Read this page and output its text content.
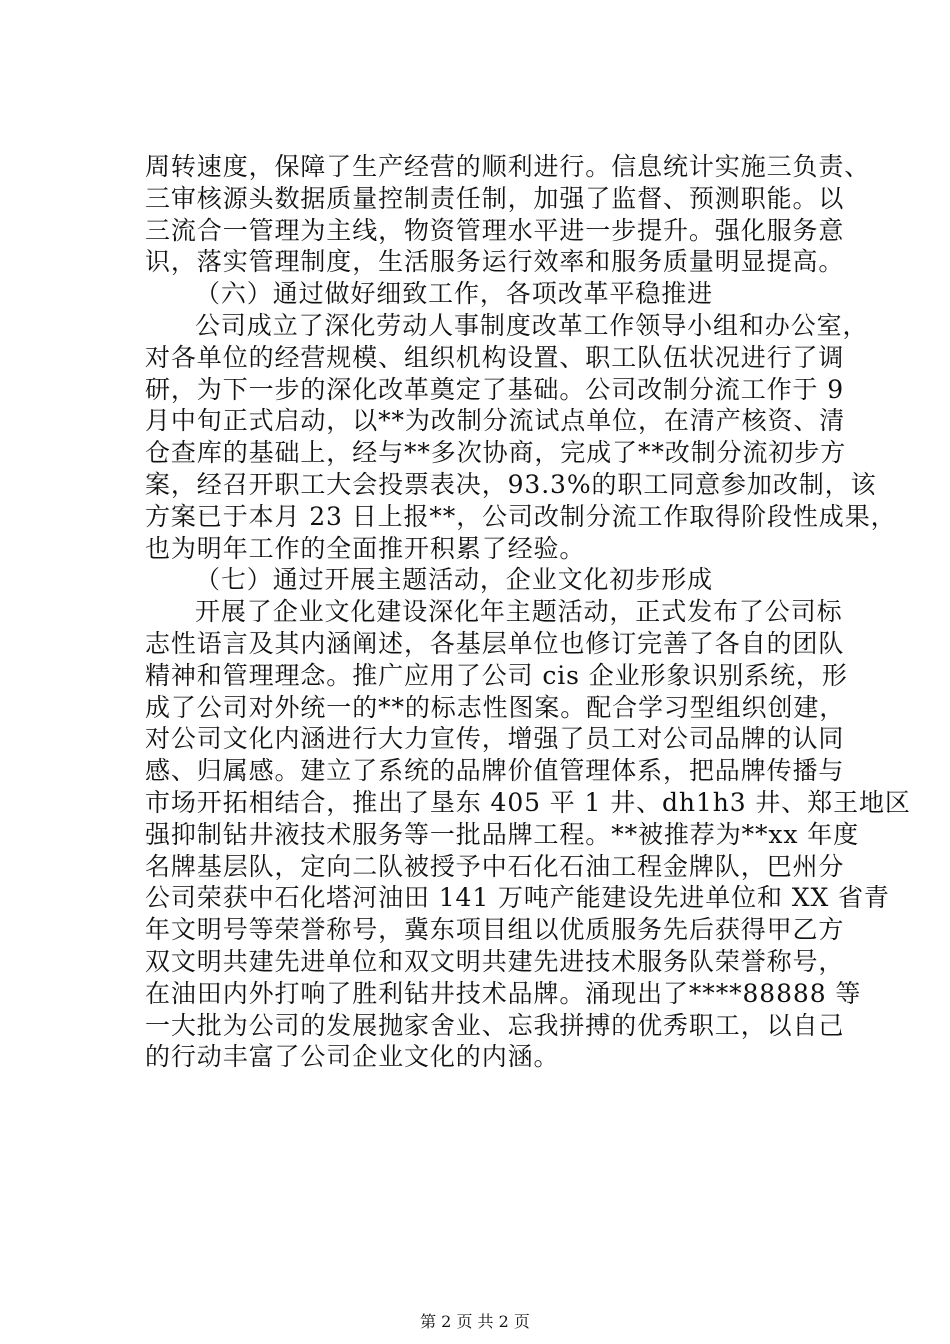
周转速度，保障了生产经营的顺利进行。信息统计实施三负责、
三审核源头数据质量控制责任制，加强了监督、预测职能。以
三流合一管理为主线，物资管理水平进一步提升。强化服务意
识，落实管理制度，生活服务运行效率和服务质量明显提高。
（六）通过做好细致工作，各项改革平稳推进
公司成立了深化劳动人事制度改革工作领导小组和办公室，
对各单位的经营规模、组织机构设置、职工队伍状况进行了调
研，为下一步的深化改革奠定了基础。公司改制分流工作于 9
月中旬正式启动，以**为改制分流试点单位，在清产核资、清
仓查库的基础上，经与**多次协商，完成了**改制分流初步方
案，经召开职工大会投票表决，93.3%的职工同意参加改制，该
方案已于本月 23 日上报**，公司改制分流工作取得阶段性成果，
也为明年工作的全面推开积累了经验。
（七）通过开展主题活动，企业文化初步形成
开展了企业文化建设深化年主题活动，正式发布了公司标
志性语言及其内涵阐述，各基层单位也修订完善了各自的团队
精神和管理理念。推广应用了公司 cis 企业形象识别系统，形
成了公司对外统一的**的标志性图案。配合学习型组织创建，
对公司文化内涵进行大力宣传，增强了员工对公司品牌的认同
感、归属感。建立了系统的品牌价值管理体系，把品牌传播与
市场开拓相结合，推出了垦东 405 平 1 井、dh1h3 井、郑王地区
强抑制钻井液技术服务等一批品牌工程。**被推荐为**xx 年度
名牌基层队，定向二队被授予中石化石油工程金牌队，巴州分
公司荣获中石化塔河油田 141 万吨产能建设先进单位和 XX 省青
年文明号等荣誉称号，冀东项目组以优质服务先后获得甲乙方
双文明共建先进单位和双文明共建先进技术服务队荣誉称号，
在油田内外打响了胜利钻井技术品牌。涌现出了****88888 等
一大批为公司的发展抛家舍业、忘我拼搏的优秀职工，以自己
的行动丰富了公司企业文化的内涵。
第 2 页 共 2 页
